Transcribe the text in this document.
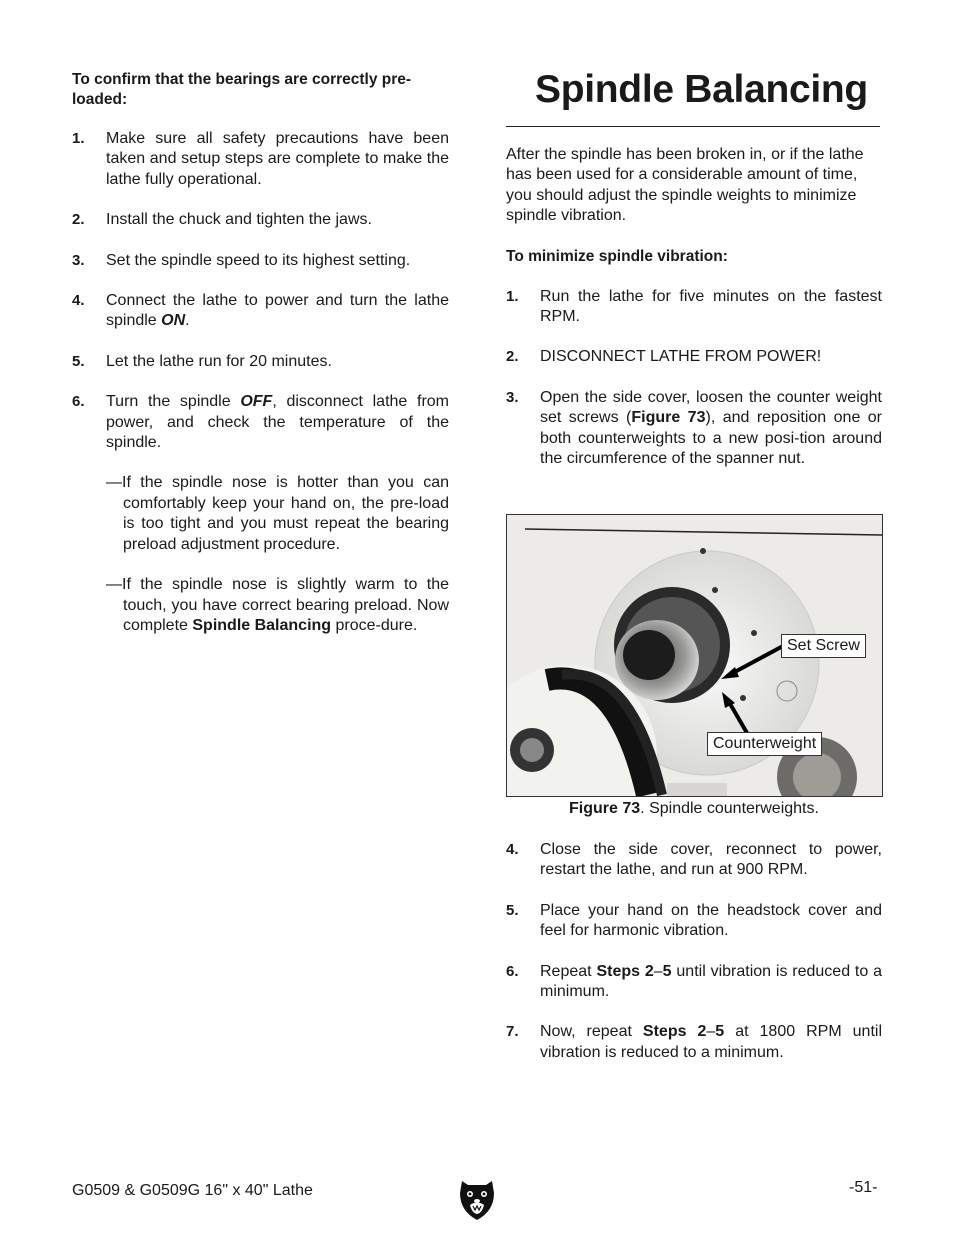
To confirm that the bearings are correctly pre-loaded:

1. Make sure all safety precautions have been taken and setup steps are complete to make the lathe fully operational.

2. Install the chuck and tighten the jaws.

3. Set the spindle speed to its highest setting.

4. Connect the lathe to power and turn the lathe spindle ON.

5. Let the lathe run for 20 minutes.

6. Turn the spindle OFF, disconnect lathe from power, and check the temperature of the spindle.

—If the spindle nose is hotter than you can comfortably keep your hand on, the pre-load is too tight and you must repeat the bearing preload adjustment procedure.

—If the spindle nose is slightly warm to the touch, you have correct bearing preload. Now complete Spindle Balancing proce-dure.

Spindle Balancing

After the spindle has been broken in, or if the lathe has been used for a considerable amount of time, you should adjust the spindle weights to minimize spindle vibration.

To minimize spindle vibration:

1. Run the lathe for five minutes on the fastest RPM.

2. DISCONNECT LATHE FROM POWER!

3. Open the side cover, loosen the counter weight set screws (Figure 73), and reposition one or both counterweights to a new posi-tion around the circumference of the spanner nut.

Set Screw
Counterweight
Figure 73. Spindle counterweights.

4. Close the side cover, reconnect to power, restart the lathe, and run at 900 RPM.

5. Place your hand on the headstock cover and feel for harmonic vibration.

6. Repeat Steps 2–5 until vibration is reduced to a minimum.

7. Now, repeat Steps 2–5 at 1800 RPM until vibration is reduced to a minimum.

G0509 & G0509G 16" x 40" Lathe	-51-
